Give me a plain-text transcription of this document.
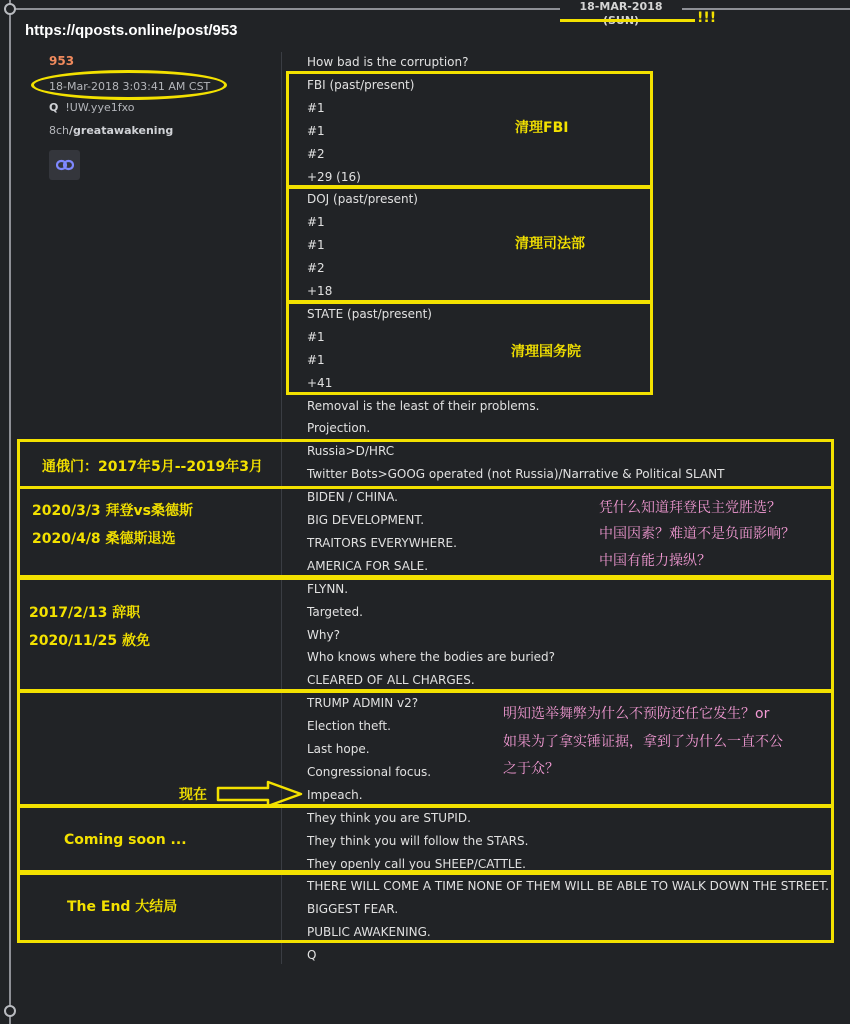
18-MAR-2018 (SUN)	!!!
https://qposts.online/post/953
953
18-Mar-2018 3:03:41 AM CST
Q !UW.yye1fxo
8ch/greatawakening
How bad is the corruption?
FBI (past/present)
#1
#1
#2
+29 (16)
DOJ (past/present)
#1
#1
#2
+18
STATE (past/present)
#1
#1
+41
Removal is the least of their problems.
Projection.
Russia>D/HRC
Twitter Bots>GOOG operated (not Russia)/Narrative & Political SLANT
BIDEN / CHINA.
BIG DEVELOPMENT.
TRAITORS EVERYWHERE.
AMERICA FOR SALE.
FLYNN.
Targeted.
Why?
Who knows where the bodies are buried?
CLEARED OF ALL CHARGES.
TRUMP ADMIN v2?
Election theft.
Last hope.
Congressional focus.
Impeach.
They think you are STUPID.
They think you will follow the STARS.
They openly call you SHEEP/CATTLE.
THERE WILL COME A TIME NONE OF THEM WILL BE ABLE TO WALK DOWN THE STREET.
BIGGEST FEAR.
PUBLIC AWAKENING.
Q
清理FBI
清理司法部
清理国务院
通俄门：2017年5月--2019年3月
2020/3/3 拜登vs桑德斯
2020/4/8 桑德斯退选
2017/2/13 辞职
2020/11/25 赦免
现在
Coming soon ...
The End 大结局
凭什么知道拜登民主党胜选？
中国因素？难道不是负面影响？
中国有能力操纵？
明知选举舞弊为什么不预防还任它发生？or
如果为了拿实锤证据，拿到了为什么一直不公
之于众？
